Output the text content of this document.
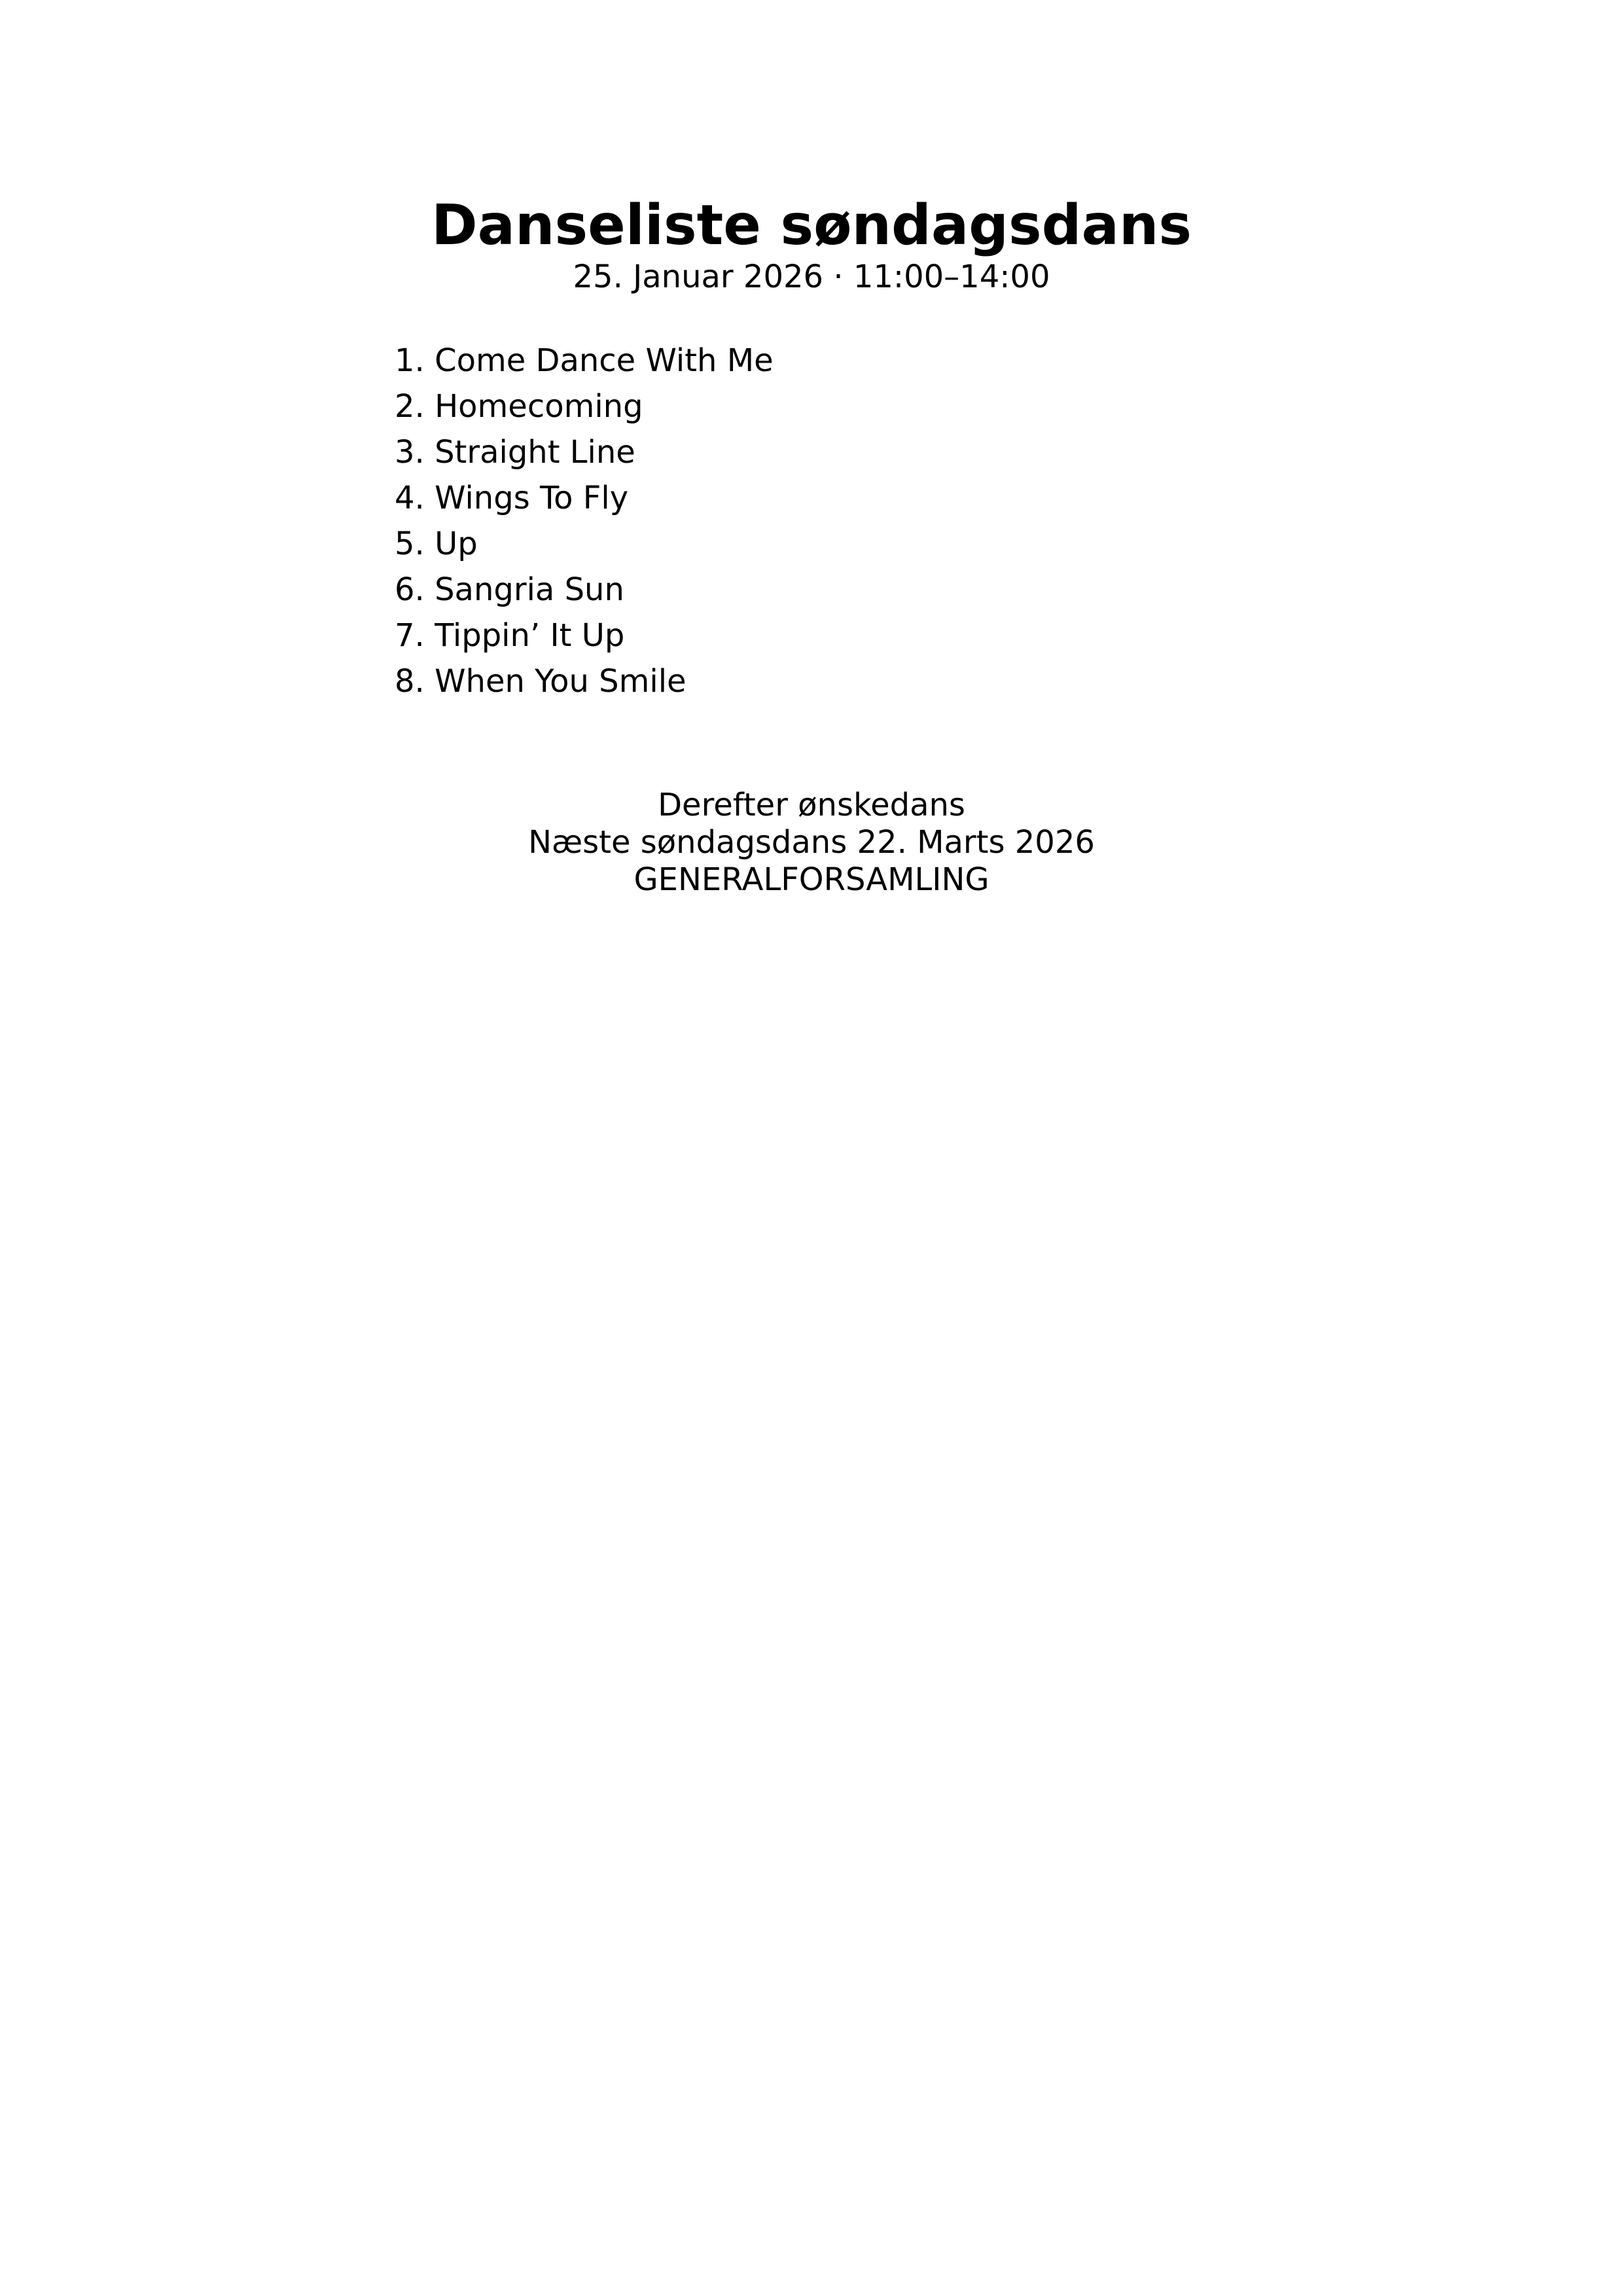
Danseliste søndagsdans
25. Januar 2026 · 11:00–14:00
1. Come Dance With Me
2. Homecoming
3. Straight Line
4. Wings To Fly
5. Up
6. Sangria Sun
7. Tippin’ It Up
8. When You Smile
Derefter ønskedans
Næste søndagsdans 22. Marts 2026
GENERALFORSAMLING
